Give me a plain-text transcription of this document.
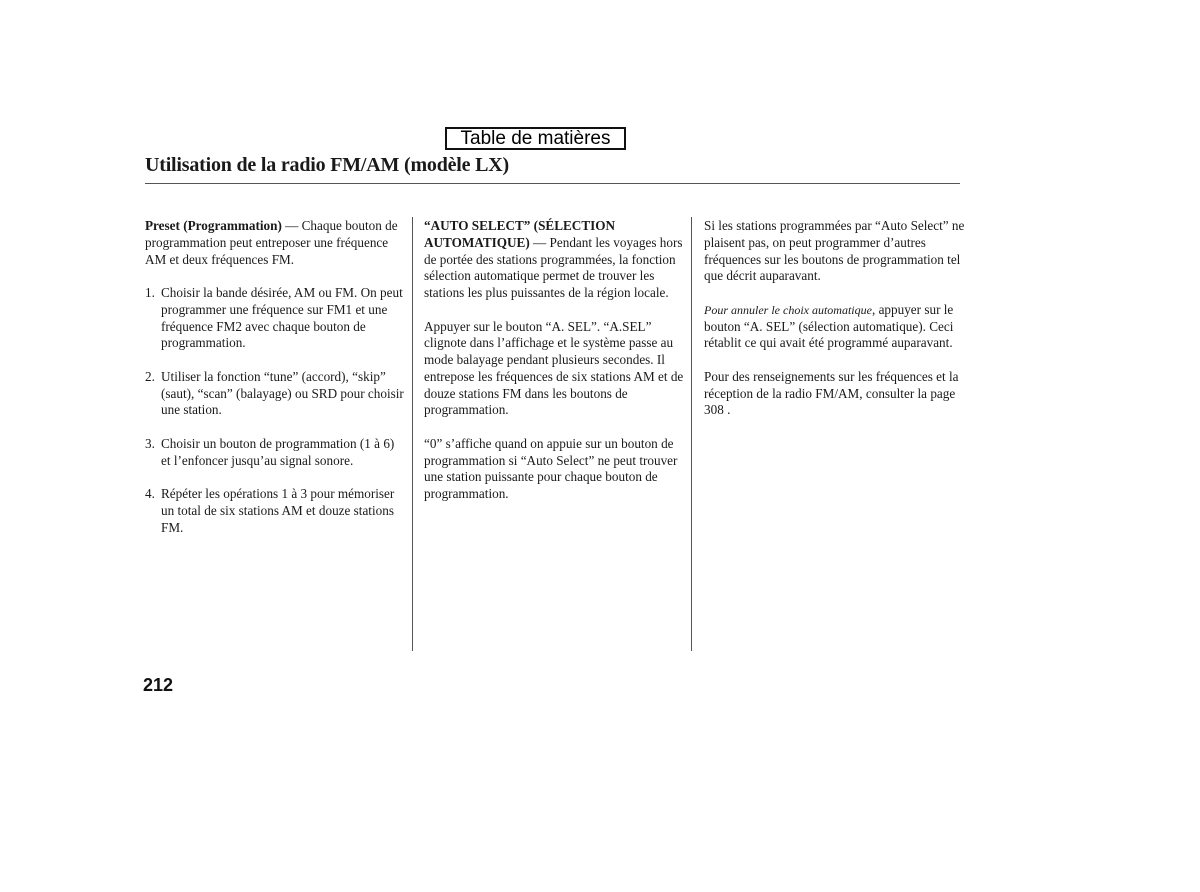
Table de matières
Utilisation de la radio FM/AM (modèle LX)

Preset (Programmation) — Chaque bouton de programmation peut entreposer une fréquence AM et deux fréquences FM.

1. Choisir la bande désirée, AM ou FM. On peut programmer une fréquence sur FM1 et une fréquence FM2 avec chaque bouton de programmation.
2. Utiliser la fonction “tune” (accord), “skip” (saut), “scan” (balayage) ou SRD pour choisir une station.
3. Choisir un bouton de programmation (1 à 6) et l’enfoncer jusqu’au signal sonore.
4. Répéter les opérations 1 à 3 pour mémoriser un total de six stations AM et douze stations FM.

“AUTO SELECT” (SÉLECTION AUTOMATIQUE) — Pendant les voyages hors de portée des stations programmées, la fonction sélection automatique permet de trouver les stations les plus puissantes de la région locale.

Appuyer sur le bouton “A. SEL”. “A.SEL” clignote dans l’affichage et le système passe au mode balayage pendant plusieurs secondes. Il entrepose les fréquences de six stations AM et de douze stations FM dans les boutons de programmation.

“0” s’affiche quand on appuie sur un bouton de programmation si “Auto Select” ne peut trouver une station puissante pour chaque bouton de programmation.

Si les stations programmées par “Auto Select” ne plaisent pas, on peut programmer d’autres fréquences sur les boutons de programmation tel que décrit auparavant.

Pour annuler le choix automatique, appuyer sur le bouton “A. SEL” (sélection automatique). Ceci rétablit ce qui avait été programmé auparavant.

Pour des renseignements sur les fréquences et la réception de la radio FM/AM, consulter la page 308 .

212
